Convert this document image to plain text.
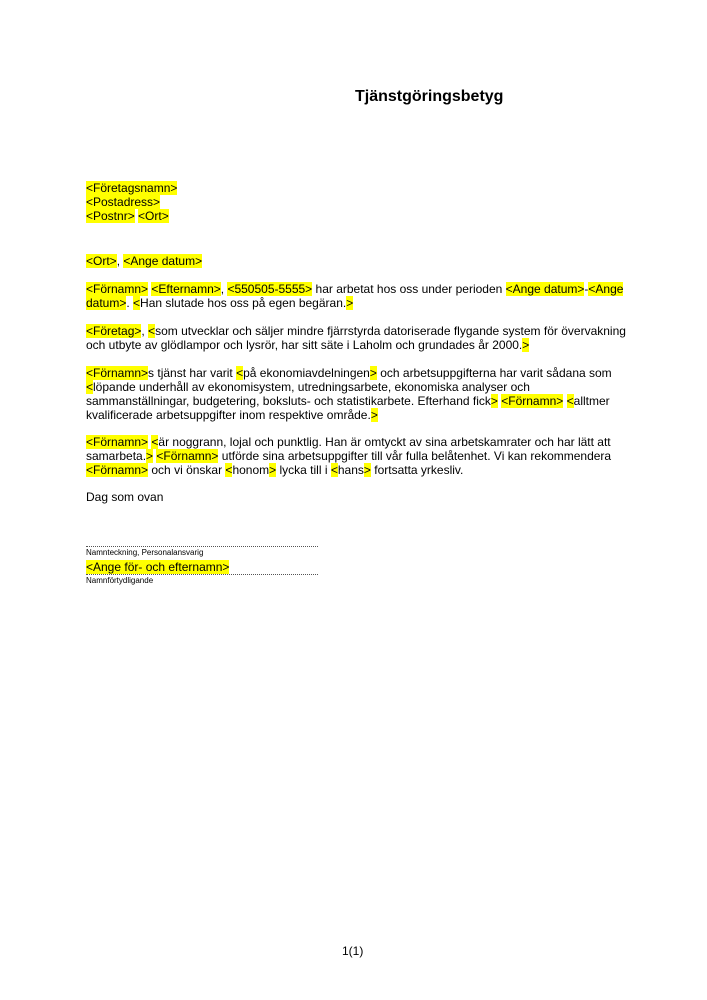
Tjänstgöringsbetyg
<Företagsnamn>
<Postadress>
<Postnr> <Ort>
<Ort>, <Ange datum>
<Förnamn> <Efternamn>, <550505-5555> har arbetat hos oss under perioden <Ange datum>-<Ange datum>. <Han slutade hos oss på egen begäran.>
<Företag>, <som utvecklar och säljer mindre fjärrstyrda datoriserade flygande system för övervakning och utbyte av glödlampor och lysrör, har sitt säte i Laholm och grundades år 2000.>
<Förnamn>s tjänst har varit <på ekonomiavdelningen> och arbetsuppgifterna har varit sådana som <löpande underhåll av ekonomisystem, utredningsarbete, ekonomiska analyser och sammanställningar, budgetering, boksluts- och statistikarbete. Efterhand fick> <Förnamn> <alltmer kvalificerade arbetsuppgifter inom respektive område.>
<Förnamn> <är noggrann, lojal och punktlig. Han är omtyckt av sina arbetskamrater och har lätt att samarbeta.> <Förnamn> utförde sina arbetsuppgifter till vår fulla belåtenhet. Vi kan rekommendera <Förnamn> och vi önskar <honom> lycka till i <hans> fortsatta yrkesliv.
Dag som ovan
Namnteckning, Personalansvarig
<Ange för- och efternamn>
Namnförtydligande
1(1)
